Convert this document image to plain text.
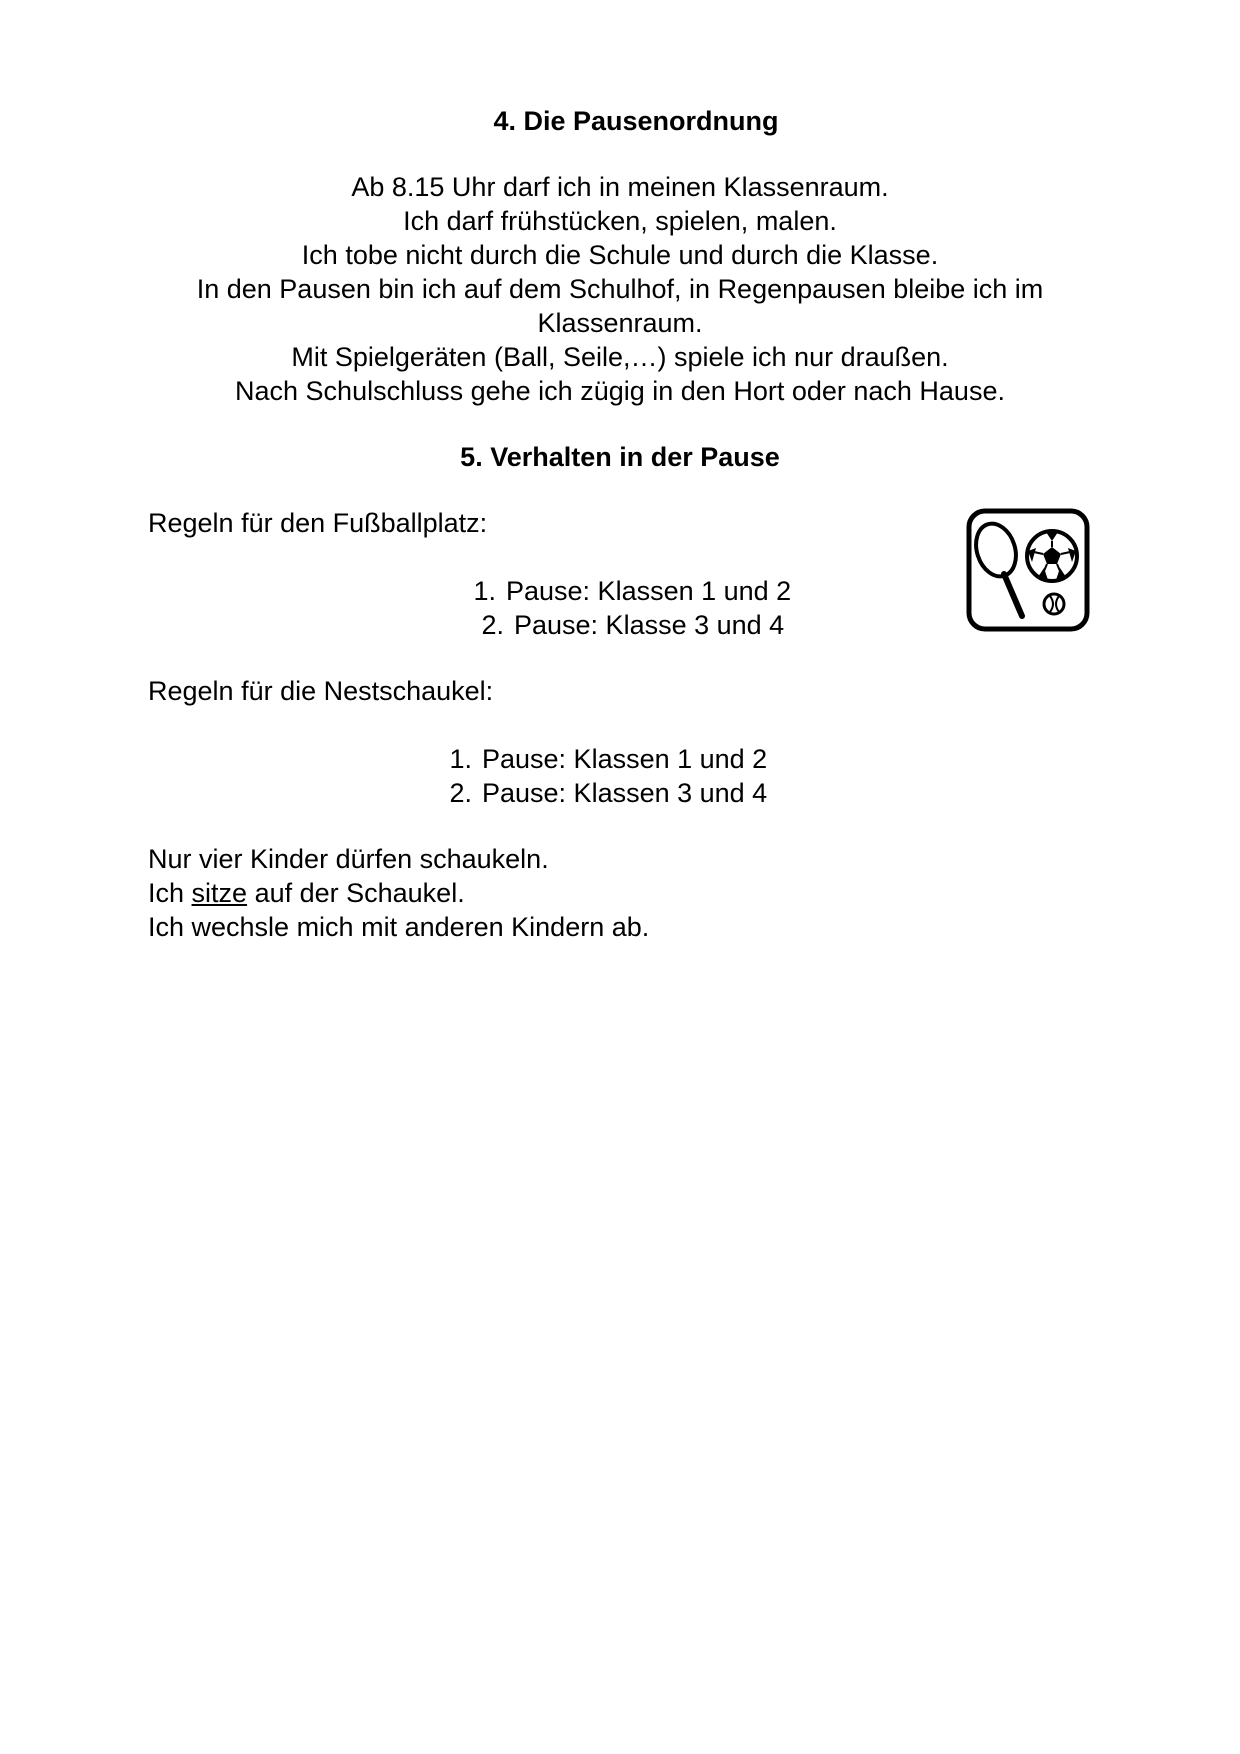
4. Die Pausenordnung

Ab 8.15 Uhr darf ich in meinen Klassenraum.
Ich darf frühstücken, spielen, malen.
Ich tobe nicht durch die Schule und durch die Klasse.
In den Pausen bin ich auf dem Schulhof, in Regenpausen bleibe ich im
Klassenraum.
Mit Spielgeräten (Ball, Seile,…) spiele ich nur draußen.
Nach Schulschluss gehe ich zügig in den Hort oder nach Hause.

5. Verhalten in der Pause

Regeln für den Fußballplatz:

1. Pause: Klassen 1 und 2
2. Pause: Klasse 3 und 4

Regeln für die Nestschaukel:

1. Pause: Klassen 1 und 2
2. Pause: Klassen 3 und 4

Nur vier Kinder dürfen schaukeln.
Ich sitze auf der Schaukel.
Ich wechsle mich mit anderen Kindern ab.
